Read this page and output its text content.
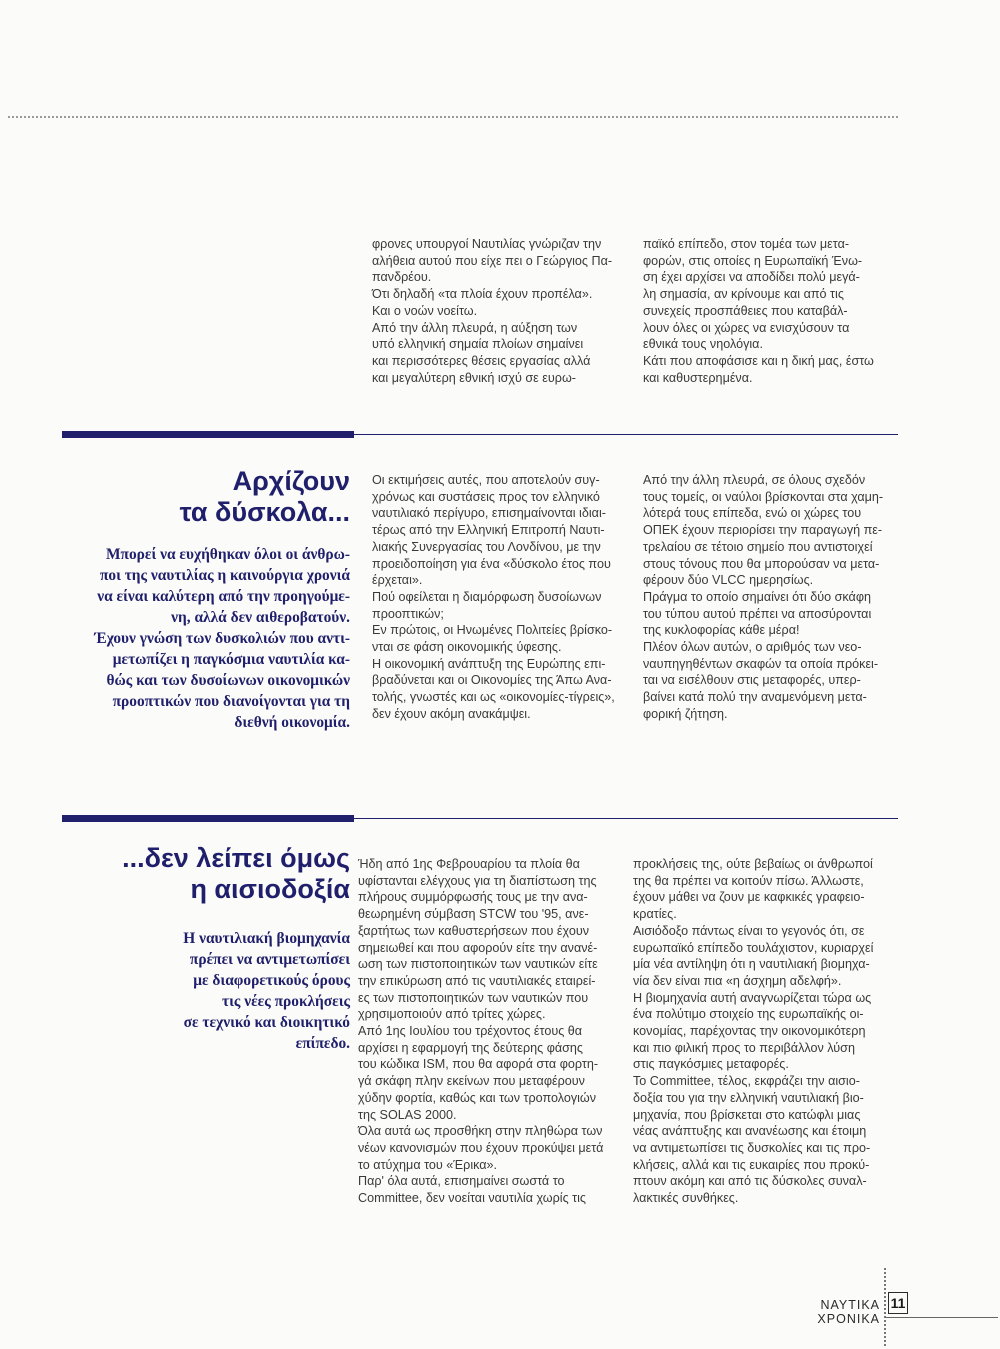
φρονες υπουργοί Ναυτιλίας γνώριζαν την

αλήθεια αυτού που είχε πει ο Γεώργιος Πα-

πανδρέου.

Ότι δηλαδή «τα πλοία έχουν προπέλα».

Και ο νοών νοείτω.

Από την άλλη πλευρά, η αύξηση των

υπό ελληνική σημαία πλοίων σημαίνει

και περισσότερες θέσεις εργασίας αλλά

και μεγαλύτερη εθνική ισχύ σε ευρω-

παϊκό επίπεδο, στον τομέα των μετα-

φορών, στις οποίες η Ευρωπαϊκή Ένω-

ση έχει αρχίσει να αποδίδει πολύ μεγά-

λη σημασία, αν κρίνουμε και από τις

συνεχείς προσπάθειες που καταβάλ-

λουν όλες οι χώρες να ενισχύσουν τα

εθνικά τους νηολόγια.

Κάτι που αποφάσισε και η δική μας, έστω

και καθυστερημένα.

Αρχίζουν
τα δύσκολα...
Μπορεί να ευχήθηκαν όλοι οι άνθρω-
ποι της ναυτιλίας η καινούργια χρονιά
να είναι καλύτερη από την προηγούμε-
νη, αλλά δεν αιθεροβατούν.
Έχουν γνώση των δυσκολιών που αντι-
μετωπίζει η παγκόσμια ναυτιλία κα-
θώς και των δυσοίωνων οικονομικών
προοπτικών που διανοίγονται για τη
διεθνή οικονομία.

Οι εκτιμήσεις αυτές, που αποτελούν συγ-

χρόνως και συστάσεις προς τον ελληνικό

ναυτιλιακό περίγυρο, επισημαίνονται ιδιαι-

τέρως από την Ελληνική Επιτροπή Ναυτι-

λιακής Συνεργασίας του Λονδίνου, με την

προειδοποίηση για ένα «δύσκολο έτος που

έρχεται».

Πού οφείλεται η διαμόρφωση δυσοίωνων

προοπτικών;

Εν πρώτοις, οι Ηνωμένες Πολιτείες βρίσκο-

νται σε φάση οικονομικής ύφεσης.

Η οικονομική ανάπτυξη της Ευρώπης επι-

βραδύνεται και οι Οικονομίες της Άπω Ανα-

τολής, γνωστές και ως «οικονομίες-τίγρεις»,

δεν έχουν ακόμη ανακάμψει.

Από την άλλη πλευρά, σε όλους σχεδόν

τους τομείς, οι ναύλοι βρίσκονται στα χαμη-

λότερά τους επίπεδα, ενώ οι χώρες του

ΟΠΕΚ έχουν περιορίσει την παραγωγή πε-

τρελαίου σε τέτοιο σημείο που αντιστοιχεί

στους τόνους που θα μπορούσαν να μετα-

φέρουν δύο VLCC ημερησίως.

Πράγμα το οποίο σημαίνει ότι δύο σκάφη

του τύπου αυτού πρέπει να αποσύρονται

της κυκλοφορίας κάθε μέρα!

Πλέον όλων αυτών, ο αριθμός των νεο-

ναυπηγηθέντων σκαφών τα οποία πρόκει-

ται να εισέλθουν στις μεταφορές, υπερ-

βαίνει κατά πολύ την αναμενόμενη μετα-

φορική ζήτηση.

...δεν λείπει όμως
η αισιοδοξία
Η ναυτιλιακή βιομηχανία
πρέπει να αντιμετωπίσει
με διαφορετικούς όρους
τις νέες προκλήσεις
σε τεχνικό και διοικητικό
επίπεδο.

Ήδη από 1ης Φεβρουαρίου τα πλοία θα

υφίστανται ελέγχους για τη διαπίστωση της

πλήρους συμμόρφωσής τους με την ανα-

θεωρημένη σύμβαση STCW του '95, ανε-

ξαρτήτως των καθυστερήσεων που έχουν

σημειωθεί και που αφορούν είτε την ανανέ-

ωση των πιστοποιητικών των ναυτικών είτε

την επικύρωση από τις ναυτιλιακές εταιρεί-

ες των πιστοποιητικών των ναυτικών που

χρησιμοποιούν από τρίτες χώρες.

Από 1ης Ιουλίου του τρέχοντος έτους θα

αρχίσει η εφαρμογή της δεύτερης φάσης

του κώδικα ISM, που θα αφορά στα φορτη-

γά σκάφη πλην εκείνων που μεταφέρουν

χύδην φορτία, καθώς και των τροπολογιών

της SOLAS 2000.

Όλα αυτά ως προσθήκη στην πληθώρα των

νέων κανονισμών που έχουν προκύψει μετά

το ατύχημα του «Έρικα».

Παρ' όλα αυτά, επισημαίνει σωστά το

Committee, δεν νοείται ναυτιλία χωρίς τις

προκλήσεις της, ούτε βεβαίως οι άνθρωποί

της θα πρέπει να κοιτούν πίσω. Άλλωστε,

έχουν μάθει να ζουν με καφκικές γραφειο-

κρατίες.

Αισιόδοξο πάντως είναι το γεγονός ότι, σε

ευρωπαϊκό επίπεδο τουλάχιστον, κυριαρχεί

μία νέα αντίληψη ότι η ναυτιλιακή βιομηχα-

νία δεν είναι πια «η άσχημη αδελφή».

Η βιομηχανία αυτή αναγνωρίζεται τώρα ως

ένα πολύτιμο στοιχείο της ευρωπαϊκής οι-

κονομίας, παρέχοντας την οικονομικότερη

και πιο φιλική προς το περιβάλλον λύση

στις παγκόσμιες μεταφορές.

Το Committee, τέλος, εκφράζει την αισιο-

δοξία του για την ελληνική ναυτιλιακή βιο-

μηχανία, που βρίσκεται στο κατώφλι μιας

νέας ανάπτυξης και ανανέωσης και έτοιμη

να αντιμετωπίσει τις δυσκολίες και τις προ-

κλήσεις, αλλά και τις ευκαιρίες που προκύ-

πτουν ακόμη και από τις δύσκολες συναλ-

λακτικές συνθήκες.

ΝΑΥΤΙΚΑ ΧΡΟΝΙΚΑ
11
